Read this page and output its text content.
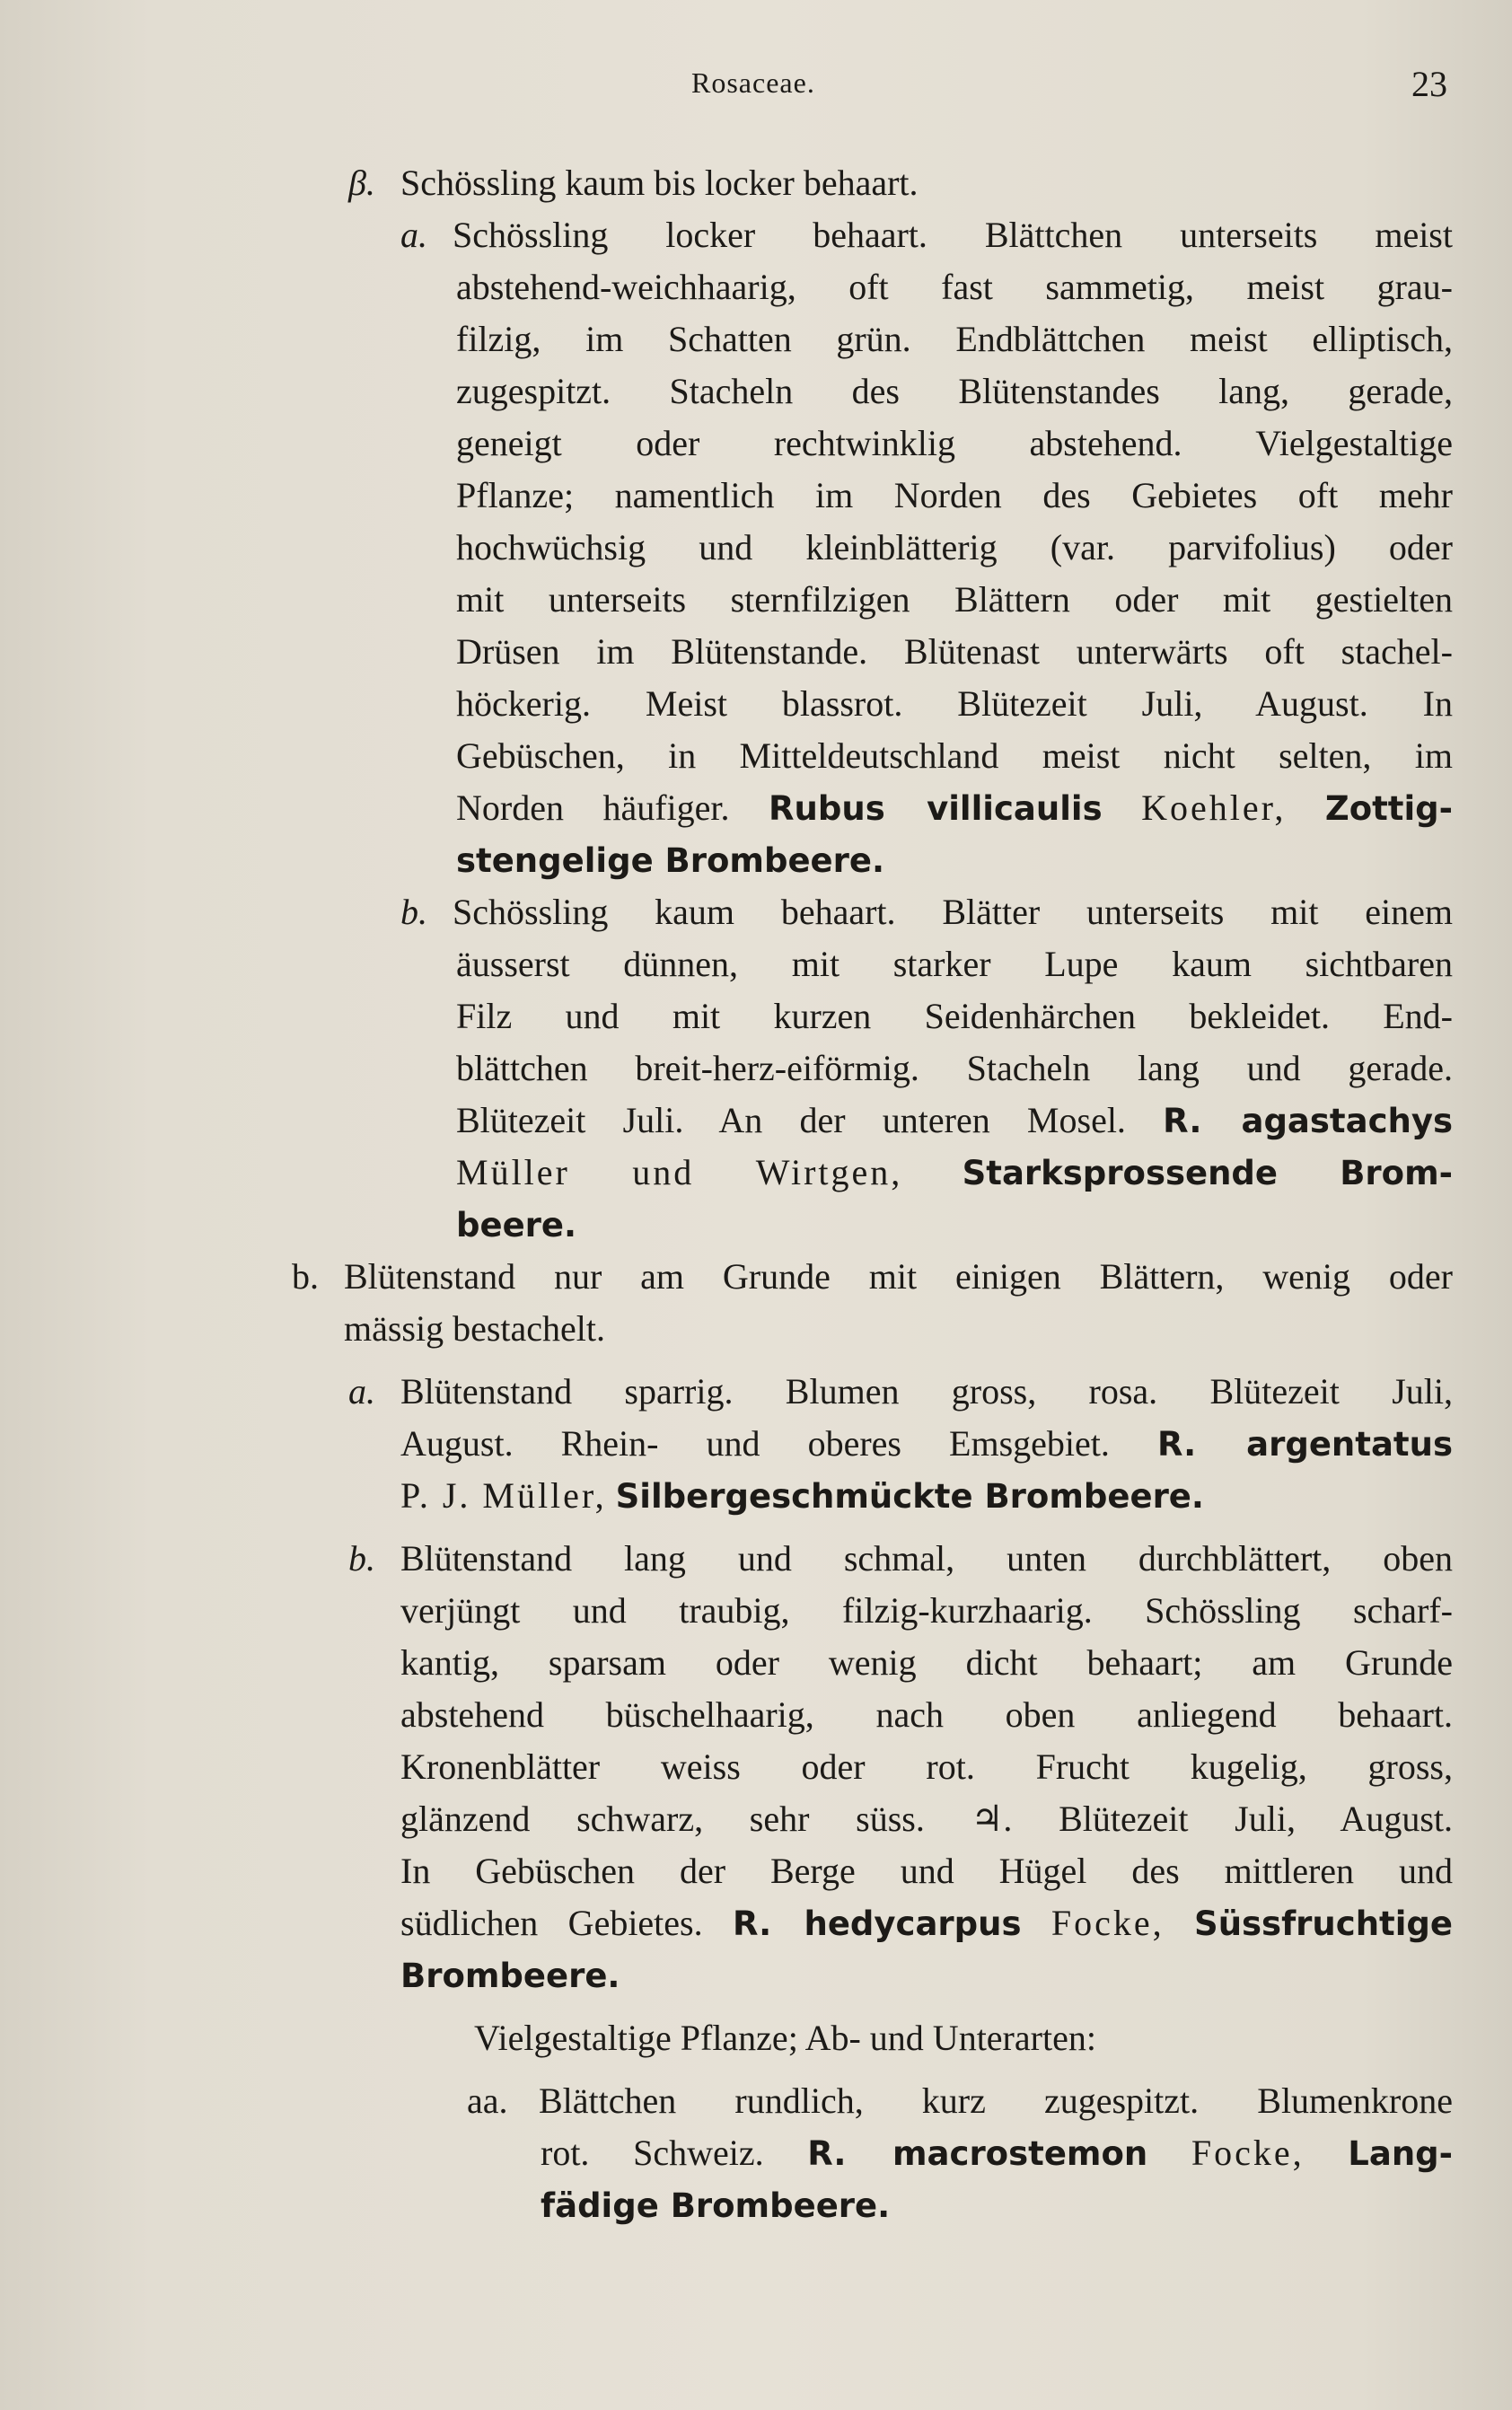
Rosaceae.	23
β. Schössling kaum bis locker behaart.
a. Schössling locker behaart. Blättchen unterseits meist
abstehend-weichhaarig, oft fast sammetig, meist grau-
filzig, im Schatten grün. Endblättchen meist elliptisch,
zugespitzt. Stacheln des Blütenstandes lang, gerade,
geneigt oder rechtwinklig abstehend. Vielgestaltige
Pflanze; namentlich im Norden des Gebietes oft mehr
hochwüchsig und kleinblätterig (var. parvifolius) oder
mit unterseits sternfilzigen Blättern oder mit gestielten
Drüsen im Blütenstande. Blütenast unterwärts oft stachel-
höckerig. Meist blassrot. Blütezeit Juli, August. In
Gebüschen, in Mitteldeutschland meist nicht selten, im
Norden häufiger. Rubus villicaulis Koehler, Zottig-
stengelige Brombeere.
b. Schössling kaum behaart. Blätter unterseits mit einem
äusserst dünnen, mit starker Lupe kaum sichtbaren
Filz und mit kurzen Seidenhärchen bekleidet. End-
blättchen breit-herz-eiförmig. Stacheln lang und gerade.
Blütezeit Juli. An der unteren Mosel. R. agastachys
Müller und Wirtgen, Starksprossende Brom-
beere.
b. Blütenstand nur am Grunde mit einigen Blättern, wenig oder
mässig bestachelt.
a. Blütenstand sparrig. Blumen gross, rosa. Blütezeit Juli,
August. Rhein- und oberes Emsgebiet. R. argentatus
P. J. Müller, Silbergeschmückte Brombeere.
b. Blütenstand lang und schmal, unten durchblättert, oben
verjüngt und traubig, filzig-kurzhaarig. Schössling scharf-
kantig, sparsam oder wenig dicht behaart; am Grunde
abstehend büschelhaarig, nach oben anliegend behaart.
Kronenblätter weiss oder rot. Frucht kugelig, gross,
glänzend schwarz, sehr süss. ♃. Blütezeit Juli, August.
In Gebüschen der Berge und Hügel des mittleren und
südlichen Gebietes. R. hedycarpus Focke, Süssfruchtige
Brombeere.
Vielgestaltige Pflanze; Ab- und Unterarten:
aa. Blättchen rundlich, kurz zugespitzt. Blumenkrone
rot. Schweiz. R. macrostemon Focke, Lang-
fädige Brombeere.
